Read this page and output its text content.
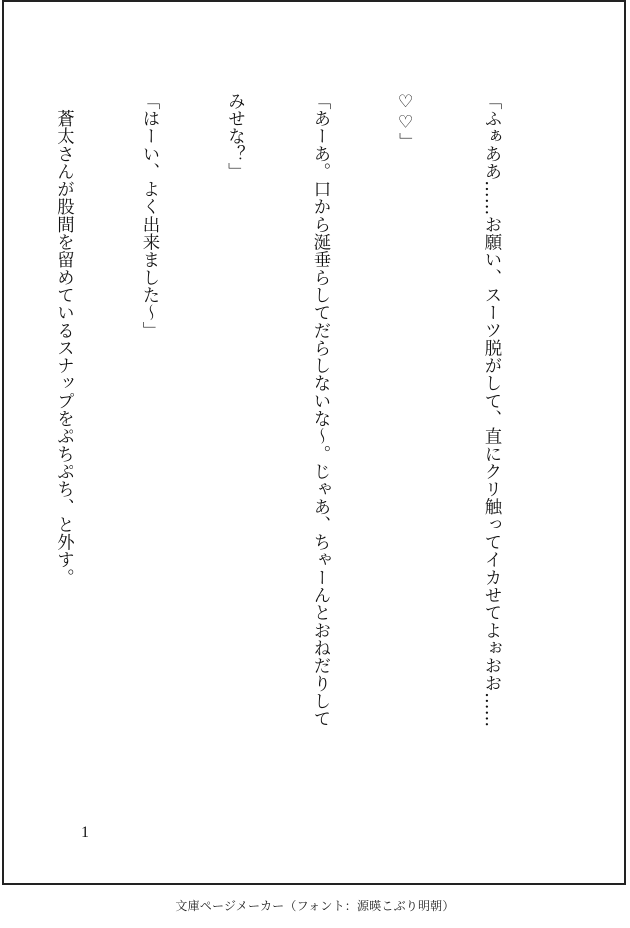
「ふぁああ……お願い、スーツ脱がして、直にクリ触ってイカせてよぉおお……

♡♡」

「あーあ。口から涎垂らしてだらしないな～。じゃあ、ちゃーんとおねだりして

みせな？」

「はーい、よく出来ました～」

　蒼太さんが股間を留めているスナップをぷちぷち、と外す。

1
文庫ページメーカー（フォント：源暎こぶり明朝）
